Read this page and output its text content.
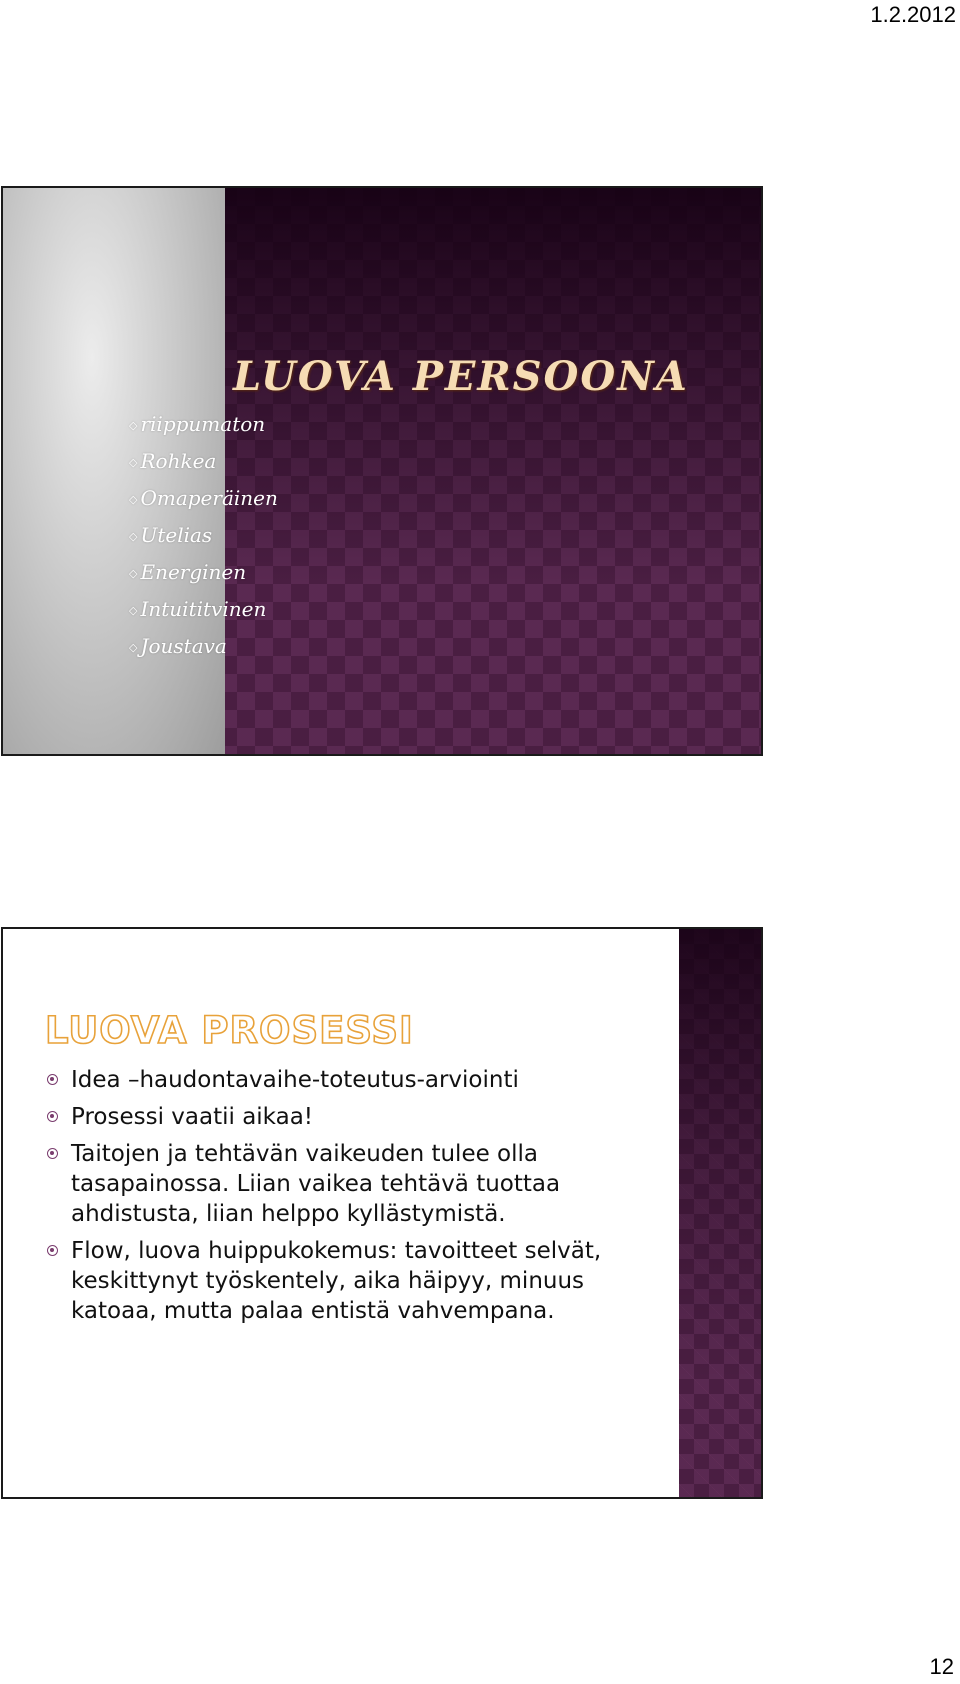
1.2.2012
LUOVA PERSOONA
◇ riippumaton
◇ Rohkea
◇ Omaperäinen
◇ Utelias
◇ Energinen
◇ Intuititvinen
◇ Joustava
LUOVA PROSESSI
Idea –haudontavaihe-toteutus-arviointi
Prosessi vaatii aikaa!
Taitojen ja tehtävän vaikeuden tulee olla tasapainossa. Liian vaikea tehtävä tuottaa ahdistusta, liian helppo kyllästymistä.
Flow, luova huippukokemus: tavoitteet selvät, keskittynyt työskentely, aika häipyy, minuus katoaa, mutta palaa entistä vahvempana.
12
